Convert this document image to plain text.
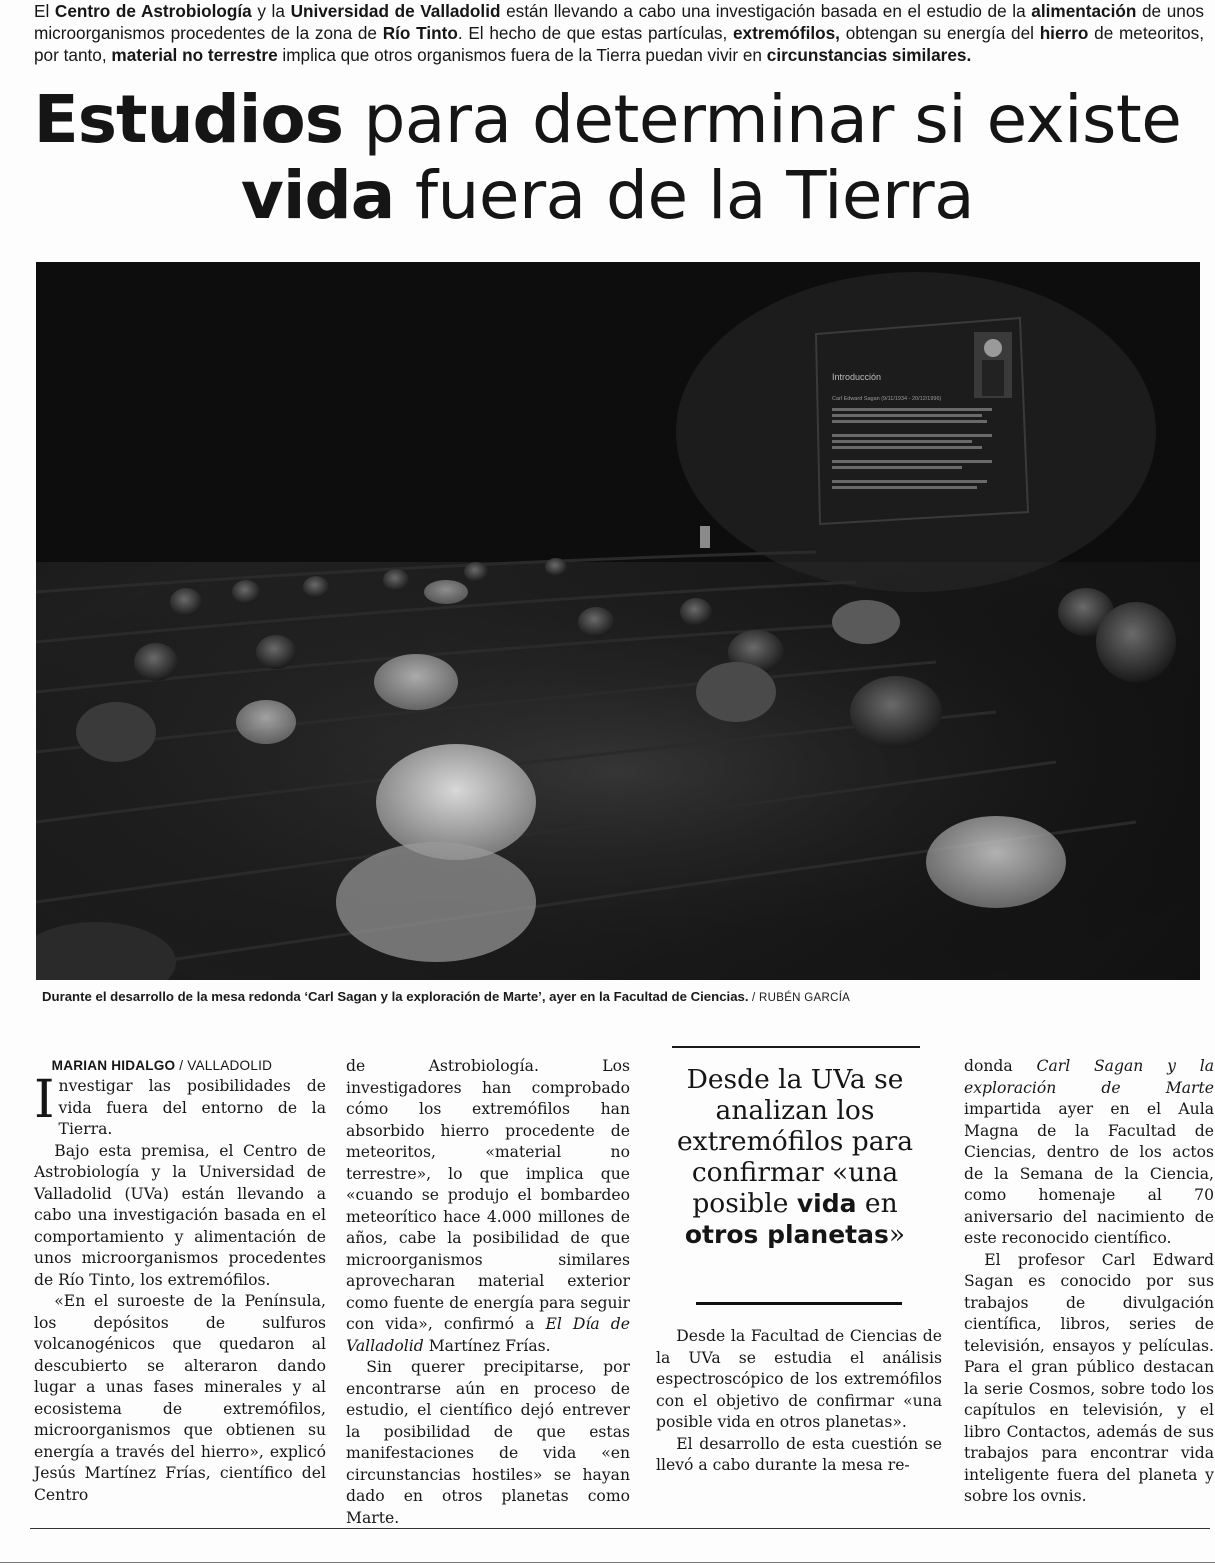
El Centro de Astrobiología y la Universidad de Valladolid están llevando a cabo una investigación basada en el estudio de la alimentación de unos microorganismos procedentes de la zona de Río Tinto. El hecho de que estas partículas, extremófilos, obtengan su energía del hierro de meteoritos, por tanto, material no terrestre implica que otros organismos fuera de la Tierra puedan vivir en circunstancias similares.
Estudios para determinar si existe
vida fuera de la Tierra
Introducción
Carl Edward Sagan (9/11/1934 - 20/12/1996)
Durante el desarrollo de la mesa redonda ‘Carl Sagan y la exploración de Marte’, ayer en la Facultad de Ciencias. / RUBÉN GARCÍA

MARIAN HIDALGO / VALLADOLID

Investigar las posibilidades de vida fuera del entorno de la Tierra.

Bajo esta premisa, el Centro de Astrobiología y la Universidad de Valladolid (UVa) están llevando a cabo una investigación basada en el comportamiento y alimentación de unos microorganismos procedentes de Río Tinto, los extremófilos.

«En el suroeste de la Península, los depósitos de sulfuros volcanogénicos que quedaron al descubierto se alteraron dando lugar a unas fases minerales y al ecosistema de extremófilos, microorganismos que obtienen su energía a través del hierro», explicó Jesús Martínez Frías, científico del Centro

de Astrobiología. Los investigadores han comprobado cómo los extremófilos han absorbido hierro procedente de meteoritos, «material no terrestre», lo que implica que «cuando se produjo el bombardeo meteorítico hace 4.000 millones de años, cabe la posibilidad de que microorganismos similares aprovecharan material exterior como fuente de energía para seguir con vida», confirmó a El Día de Valladolid Martínez Frías.

Sin querer precipitarse, por encontrarse aún en proceso de estudio, el científico dejó entrever la posibilidad de que estas manifestaciones de vida «en circunstancias hostiles» se hayan dado en otros planetas como Marte.

Desde la UVa se analizan los extremófilos para confirmar «una posible vida en otros planetas»

Desde la Facultad de Ciencias de la UVa se estudia el análisis espectroscópico de los extremófilos con el objetivo de confirmar «una posible vida en otros planetas».

El desarrollo de esta cuestión se llevó a cabo durante la mesa re-

donda Carl Sagan y la exploración de Marte impartida ayer en el Aula Magna de la Facultad de Ciencias, dentro de los actos de la Semana de la Ciencia, como homenaje al 70 aniversario del nacimiento de este reconocido científico.

El profesor Carl Edward Sagan es conocido por sus trabajos de divulgación científica, libros, series de televisión, ensayos y películas. Para el gran público destacan la serie Cosmos, sobre todo los capítulos en televisión, y el libro Contactos, además de sus trabajos para encontrar vida inteligente fuera del planeta y sobre los ovnis.
